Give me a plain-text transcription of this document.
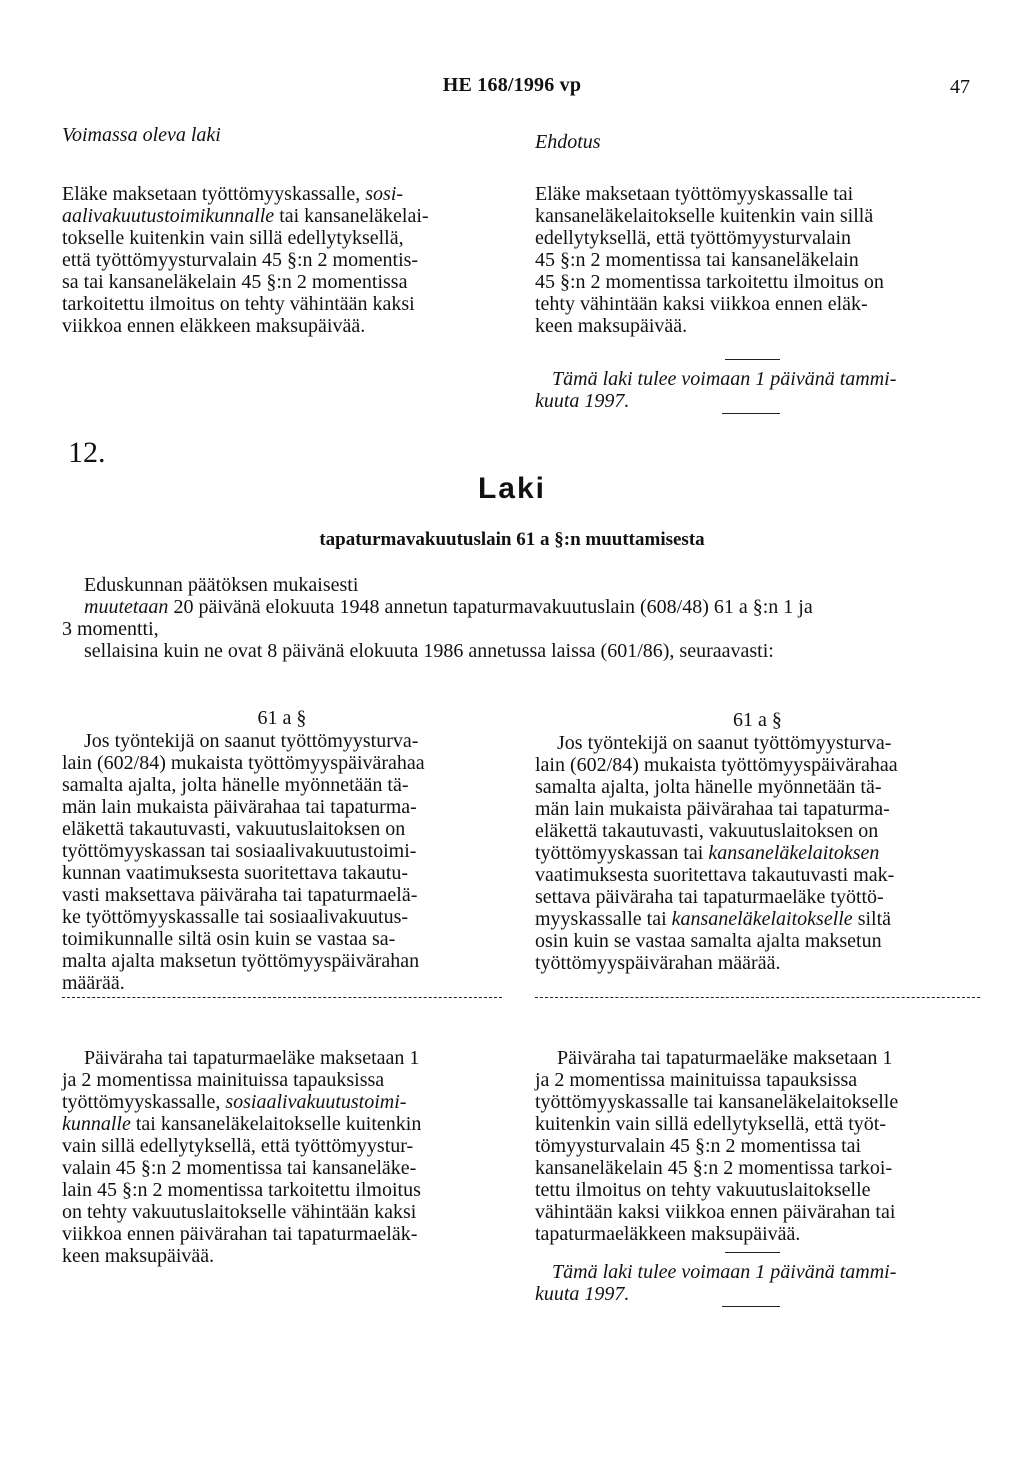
HE 168/1996 vp	47
Voimassa oleva laki	Ehdotus
Eläke maksetaan työttömyyskassalle, sosi-
aalivakuutustoimikunnalle tai kansaneläkelai-
tokselle kuitenkin vain sillä edellytyksellä,
että työttömyysturvalain 45 §:n 2 momentis-
sa tai kansaneläkelain 45 §:n 2 momentissa
tarkoitettu ilmoitus on tehty vähintään kaksi
viikkoa ennen eläkkeen maksupäivää.
Eläke maksetaan työttömyyskassalle tai
kansaneläkelaitokselle kuitenkin vain sillä
edellytyksellä, että työttömyysturvalain
45 §:n 2 momentissa tai kansaneläkelain
45 §:n 2 momentissa tarkoitettu ilmoitus on
tehty vähintään kaksi viikkoa ennen eläk-
keen maksupäivää.
Tämä laki tulee voimaan 1 päivänä tammi-
kuuta 1997.
12.
Laki
tapaturmavakuutuslain 61 a §:n muuttamisesta
Eduskunnan päätöksen mukaisesti
muutetaan 20 päivänä elokuuta 1948 annetun tapaturmavakuutuslain (608/48) 61 a §:n 1 ja
3 momentti,
sellaisina kuin ne ovat 8 päivänä elokuuta 1986 annetussa laissa (601/86), seuraavasti:
61 a §	61 a §
Jos työntekijä on saanut työttömyysturva-
lain (602/84) mukaista työttömyyspäivärahaa
samalta ajalta, jolta hänelle myönnetään tä-
män lain mukaista päivärahaa tai tapaturma-
eläkettä takautuvasti, vakuutuslaitoksen on
työttömyyskassan tai sosiaalivakuutustoimi-
kunnan vaatimuksesta suoritettava takautu-
vasti maksettava päiväraha tai tapaturmaelä-
ke työttömyyskassalle tai sosiaalivakuutus-
toimikunnalle siltä osin kuin se vastaa sa-
malta ajalta maksetun työttömyyspäivärahan
määrää.
Jos työntekijä on saanut työttömyysturva-
lain (602/84) mukaista työttömyyspäivärahaa
samalta ajalta, jolta hänelle myönnetään tä-
män lain mukaista päivärahaa tai tapaturma-
eläkettä takautuvasti, vakuutuslaitoksen on
työttömyyskassan tai kansaneläkelaitoksen
vaatimuksesta suoritettava takautuvasti mak-
settava päiväraha tai tapaturmaeläke työttö-
myyskassalle tai kansaneläkelaitokselle siltä
osin kuin se vastaa samalta ajalta maksetun
työttömyyspäivärahan määrää.
Päiväraha tai tapaturmaeläke maksetaan 1
ja 2 momentissa mainituissa tapauksissa
työttömyyskassalle, sosiaalivakuutustoimi-
kunnalle tai kansaneläkelaitokselle kuitenkin
vain sillä edellytyksellä, että työttömyystur-
valain 45 §:n 2 momentissa tai kansaneläke-
lain 45 §:n 2 momentissa tarkoitettu ilmoitus
on tehty vakuutuslaitokselle vähintään kaksi
viikkoa ennen päivärahan tai tapaturmaeläk-
keen maksupäivää.
Päiväraha tai tapaturmaeläke maksetaan 1
ja 2 momentissa mainituissa tapauksissa
työttömyyskassalle tai kansaneläkelaitokselle
kuitenkin vain sillä edellytyksellä, että työt-
tömyysturvalain 45 §:n 2 momentissa tai
kansaneläkelain 45 §:n 2 momentissa tarkoi-
tettu ilmoitus on tehty vakuutuslaitokselle
vähintään kaksi viikkoa ennen päivärahan tai
tapaturmaeläkkeen maksupäivää.
Tämä laki tulee voimaan 1 päivänä tammi-
kuuta 1997.
